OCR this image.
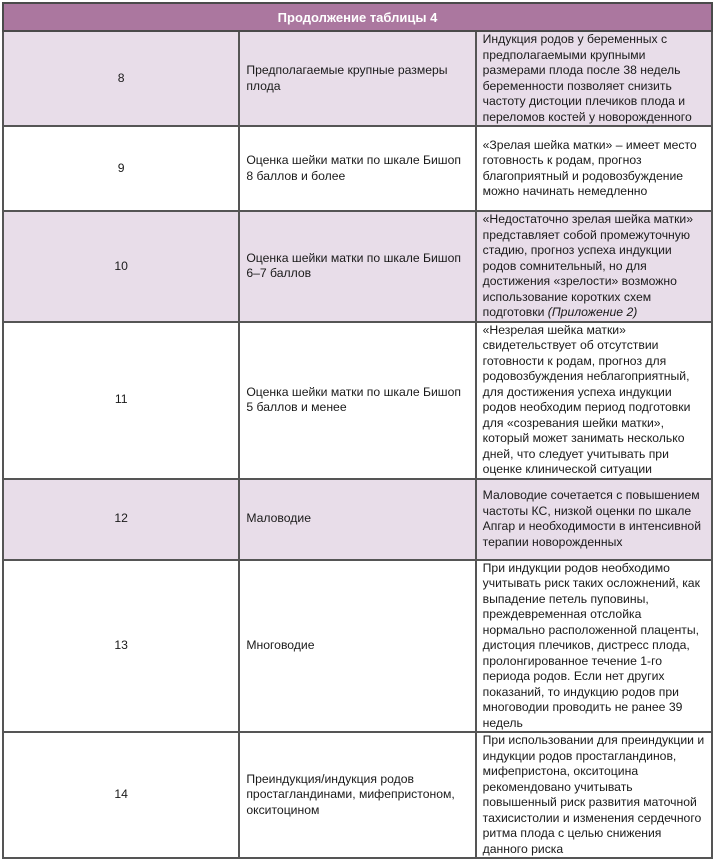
Продолжение таблицы 4		
8	Предполагаемые крупные размеры плода	Индукция родов у беременных с предполагаемыми крупными размерами плода после 38 недель беременности позволяет снизить частоту дистоции плечиков плода и переломов костей у новорожденного
9	Оценка шейки матки по шкале Бишоп 8 баллов и более	«Зрелая шейка матки» – имеет место готовность к родам, прогноз благоприятный и родовозбуждение можно начинать немедленно
10	Оценка шейки матки по шкале Бишоп 6–7 баллов	«Недостаточно зрелая шейка матки» представляет собой промежуточную стадию, прогноз успеха индукции родов сомнительный, но для достижения «зрелости» возможно использование коротких схем подготовки (Приложение 2)
11	Оценка шейки матки по шкале Бишоп 5 баллов и менее	«Незрелая шейка матки» свидетельствует об отсутствии готовности к родам, прогноз для родовозбуждения неблагоприятный, для достижения успеха индукции родов необходим период подготовки для «созревания шейки матки», который может занимать несколько дней, что следует учитывать при оценке клинической ситуации
12	Маловодие	Маловодие сочетается с повышением частоты КС, низкой оценки по шкале Апгар и необходимости в интенсивной терапии новорожденных
13	Многоводие	При индукции родов необходимо учитывать риск таких осложнений, как выпадение петель пуповины, преждевременная отслойка нормально расположенной плаценты, дистоция плечиков, дистресс плода, пролонгированное течение 1-го периода родов. Если нет других показаний, то индукцию родов при многоводии проводить не ранее 39 недель
14	Преиндукция/индукция родов простагландинами, мифепристоном, окситоцином	При использовании для преиндукции и индукции родов простагландинов, мифепристона, окситоцина рекомендовано учитывать повышенный риск развития маточной тахисистолии и изменения сердечного ритма плода с целью снижения данного риска
